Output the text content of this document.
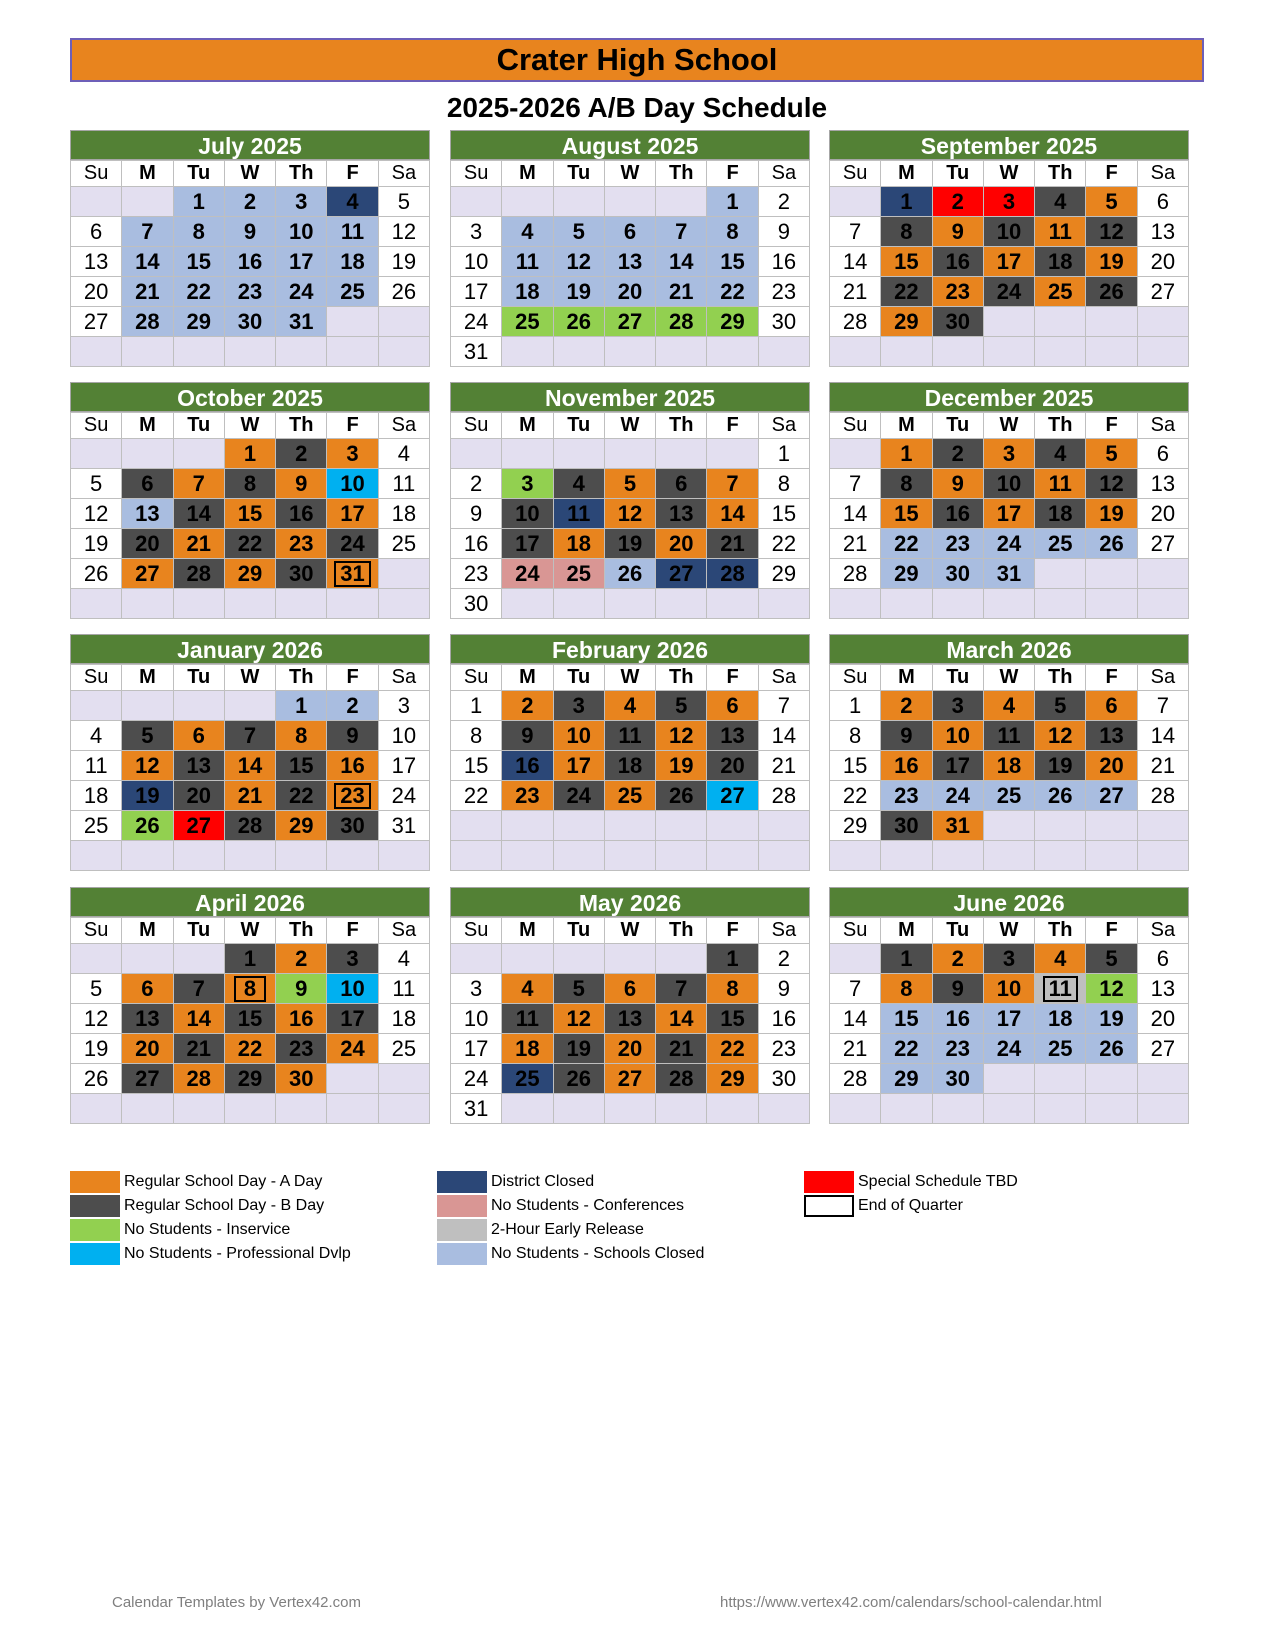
Crater High School
2025-2026 A/B Day Schedule
July 2025
Su	M	Tu	W	Th	F	Sa
		1	2	3	4	5
6	7	8	9	10	11	12
13	14	15	16	17	18	19
20	21	22	23	24	25	26
27	28	29	30	31		

August 2025
Su	M	Tu	W	Th	F	Sa
					1	2
3	4	5	6	7	8	9
10	11	12	13	14	15	16
17	18	19	20	21	22	23
24	25	26	27	28	29	30
31						
September 2025
Su	M	Tu	W	Th	F	Sa
	1	2	3	4	5	6
7	8	9	10	11	12	13
14	15	16	17	18	19	20
21	22	23	24	25	26	27
28	29	30				

October 2025
Su	M	Tu	W	Th	F	Sa
			1	2	3	4
5	6	7	8	9	10	11
12	13	14	15	16	17	18
19	20	21	22	23	24	25
26	27	28	29	30	31	

November 2025
Su	M	Tu	W	Th	F	Sa
						1
2	3	4	5	6	7	8
9	10	11	12	13	14	15
16	17	18	19	20	21	22
23	24	25	26	27	28	29
30						
December 2025
Su	M	Tu	W	Th	F	Sa
	1	2	3	4	5	6
7	8	9	10	11	12	13
14	15	16	17	18	19	20
21	22	23	24	25	26	27
28	29	30	31			

January 2026
Su	M	Tu	W	Th	F	Sa
				1	2	3
4	5	6	7	8	9	10
11	12	13	14	15	16	17
18	19	20	21	22	23	24
25	26	27	28	29	30	31

February 2026
Su	M	Tu	W	Th	F	Sa
1	2	3	4	5	6	7
8	9	10	11	12	13	14
15	16	17	18	19	20	21
22	23	24	25	26	27	28

March 2026
Su	M	Tu	W	Th	F	Sa
1	2	3	4	5	6	7
8	9	10	11	12	13	14
15	16	17	18	19	20	21
22	23	24	25	26	27	28
29	30	31				

April 2026
Su	M	Tu	W	Th	F	Sa
			1	2	3	4
5	6	7	8	9	10	11
12	13	14	15	16	17	18
19	20	21	22	23	24	25
26	27	28	29	30		

May 2026
Su	M	Tu	W	Th	F	Sa
					1	2
3	4	5	6	7	8	9
10	11	12	13	14	15	16
17	18	19	20	21	22	23
24	25	26	27	28	29	30
31						
June 2026
Su	M	Tu	W	Th	F	Sa
	1	2	3	4	5	6
7	8	9	10	11	12	13
14	15	16	17	18	19	20
21	22	23	24	25	26	27
28	29	30				

Regular School Day - A Day
Regular School Day - B Day
No Students - Inservice
No Students - Professional Dvlp
District Closed
No Students - Conferences
2-Hour Early Release
No Students - Schools Closed
Special Schedule TBD
End of Quarter
Calendar Templates by Vertex42.com	https://www.vertex42.com/calendars/school-calendar.html
